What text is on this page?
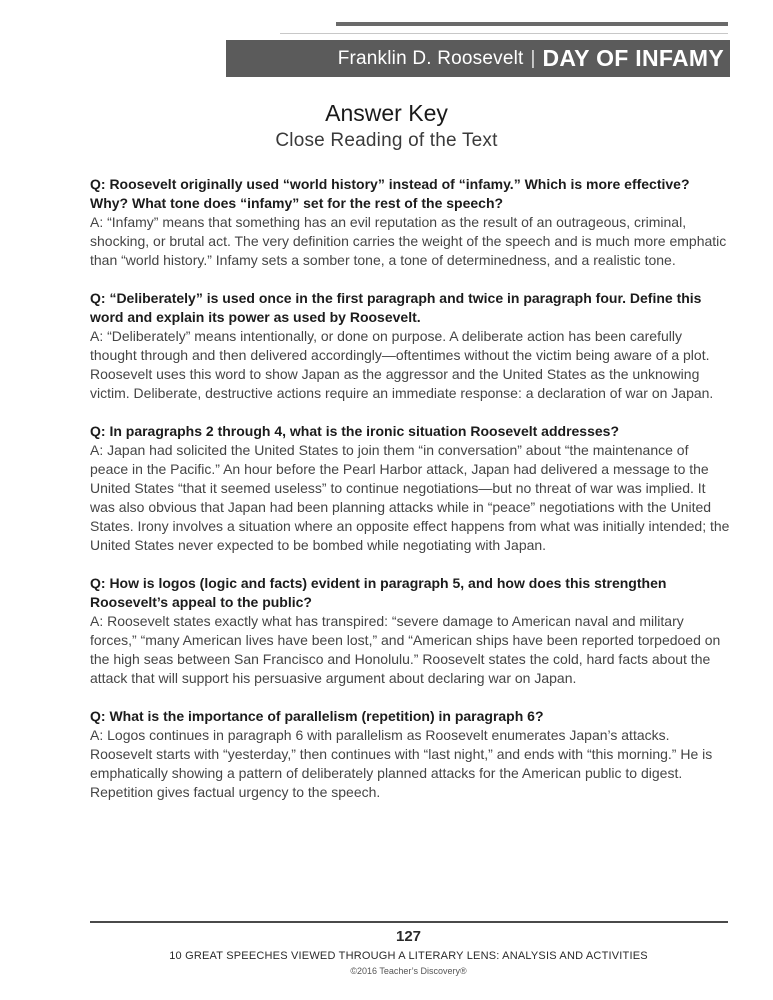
Franklin D. Roosevelt | DAY OF INFAMY
Answer Key
Close Reading of the Text

Q: Roosevelt originally used “world history” instead of “infamy.” Which is more effective? Why? What tone does “infamy” set for the rest of the speech?

A: “Infamy” means that something has an evil reputation as the result of an outrageous, criminal, shocking, or brutal act. The very definition carries the weight of the speech and is much more emphatic than “world history.” Infamy sets a somber tone, a tone of determinedness, and a realistic tone.

Q: “Deliberately” is used once in the first paragraph and twice in paragraph four. Define this word and explain its power as used by Roosevelt.

A: “Deliberately” means intentionally, or done on purpose. A deliberate action has been carefully thought through and then delivered accordingly—oftentimes without the victim being aware of a plot. Roosevelt uses this word to show Japan as the aggressor and the United States as the unknowing victim. Deliberate, destructive actions require an immediate response: a declaration of war on Japan.

Q: In paragraphs 2 through 4, what is the ironic situation Roosevelt addresses?

A: Japan had solicited the United States to join them “in conversation” about “the maintenance of peace in the Pacific.” An hour before the Pearl Harbor attack, Japan had delivered a message to the United States “that it seemed useless” to continue negotiations—but no threat of war was implied. It was also obvious that Japan had been planning attacks while in “peace” negotiations with the United States. Irony involves a situation where an opposite effect happens from what was initially intended; the United States never expected to be bombed while negotiating with Japan.

Q: How is logos (logic and facts) evident in paragraph 5, and how does this strengthen Roosevelt’s appeal to the public?

A: Roosevelt states exactly what has transpired: “severe damage to American naval and military forces,” “many American lives have been lost,” and “American ships have been reported torpedoed on the high seas between San Francisco and Honolulu.” Roosevelt states the cold, hard facts about the attack that will support his persuasive argument about declaring war on Japan.

Q: What is the importance of parallelism (repetition) in paragraph 6?

A: Logos continues in paragraph 6 with parallelism as Roosevelt enumerates Japan’s attacks. Roosevelt starts with “yesterday,” then continues with “last night,” and ends with “this morning.” He is emphatically showing a pattern of deliberately planned attacks for the American public to digest. Repetition gives factual urgency to the speech.

127
10 GREAT SPEECHES VIEWED THROUGH A LITERARY LENS: ANALYSIS AND ACTIVITIES
©2016 Teacher’s Discovery®
